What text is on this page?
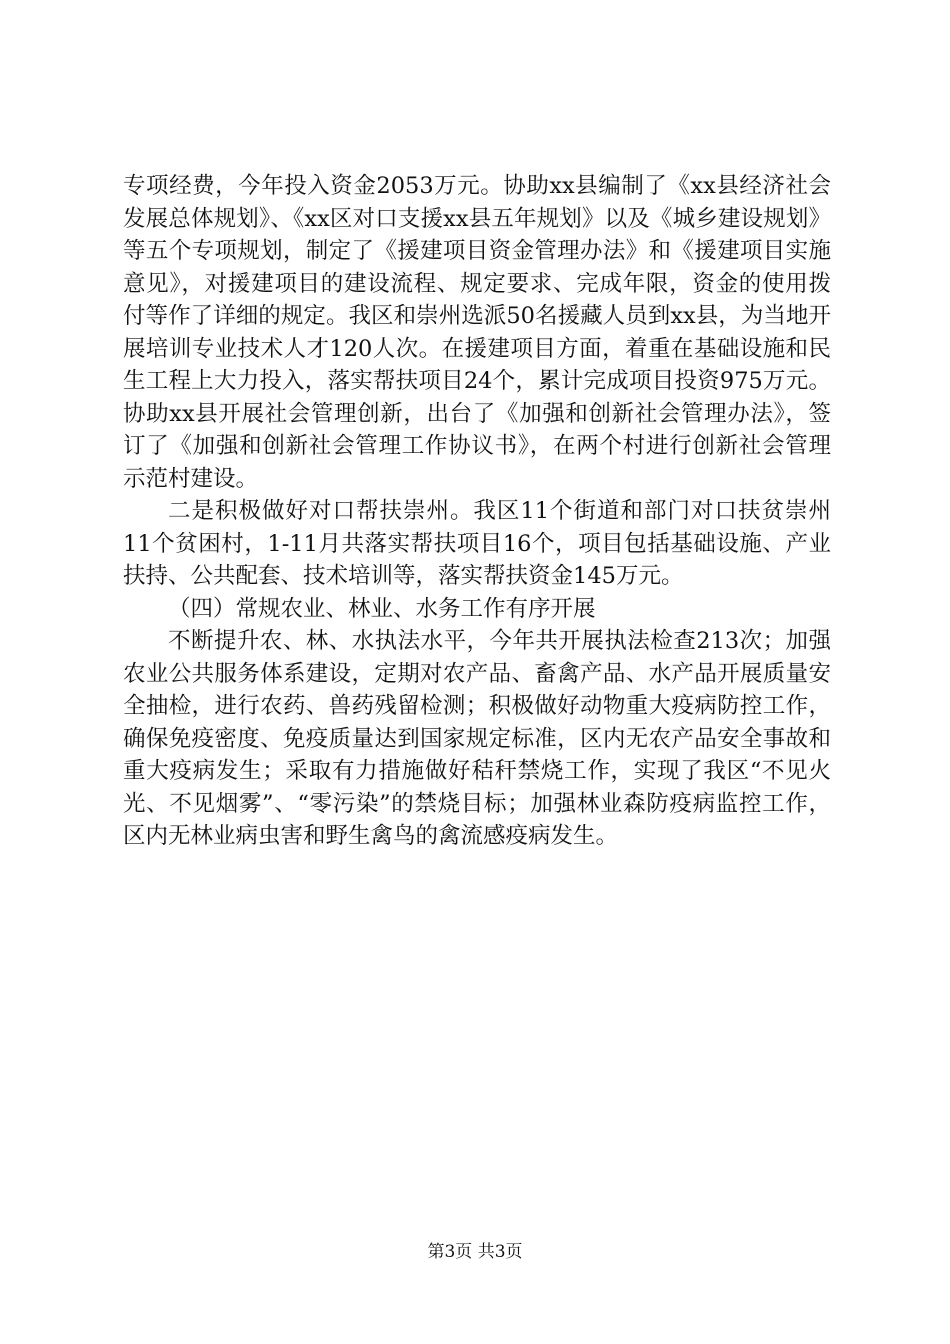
专项经费，今年投入资金2053万元。协助xx县编制了《xx县经济社会发展总体规划》、《xx区对口支援xx县五年规划》以及《城乡建设规划》等五个专项规划，制定了《援建项目资金管理办法》和《援建项目实施意见》，对援建项目的建设流程、规定要求、完成年限，资金的使用拨付等作了详细的规定。我区和崇州选派50名援藏人员到xx县，为当地开展培训专业技术人才120人次。在援建项目方面，着重在基础设施和民生工程上大力投入，落实帮扶项目24个，累计完成项目投资975万元。协助xx县开展社会管理创新，出台了《加强和创新社会管理办法》，签订了《加强和创新社会管理工作协议书》，在两个村进行创新社会管理示范村建设。

二是积极做好对口帮扶崇州。我区11个街道和部门对口扶贫崇州11个贫困村，1-11月共落实帮扶项目16个，项目包括基础设施、产业扶持、公共配套、技术培训等，落实帮扶资金145万元。

（四）常规农业、林业、水务工作有序开展

不断提升农、林、水执法水平，今年共开展执法检查213次；加强农业公共服务体系建设，定期对农产品、畜禽产品、水产品开展质量安全抽检，进行农药、兽药残留检测；积极做好动物重大疫病防控工作，确保免疫密度、免疫质量达到国家规定标准，区内无农产品安全事故和重大疫病发生；采取有力措施做好秸秆禁烧工作，实现了我区“不见火光、不见烟雾”、“零污染”的禁烧目标；加强林业森防疫病监控工作，区内无林业病虫害和野生禽鸟的禽流感疫病发生。

第3页 共3页
